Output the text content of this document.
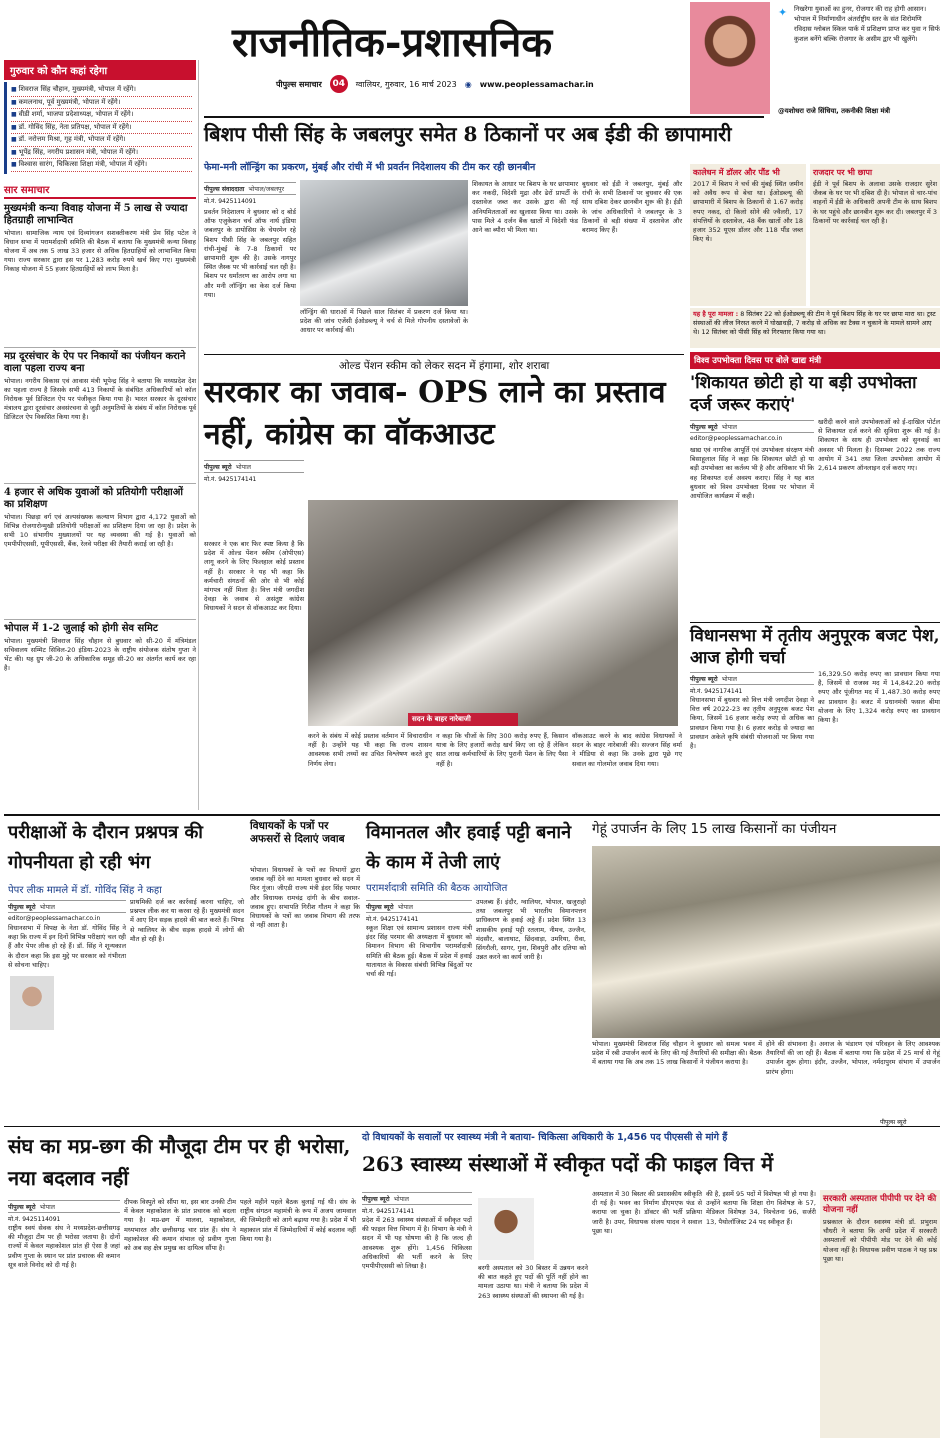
राजनीतिक-प्रशासनिक
पीपुल्स समाचार	04	ग्वालियर, गुरुवार, 16 मार्च 2023 ◉ www.peoplessamachar.in
✦ निखरेगा युवाओं का हुनर, रोजगार की राह होगी आसान। भोपाल में निर्माणाधीन अंतर्राष्ट्रीय स्तर के संत शिरोमणि रविदास ग्लोबल स्किल पार्क में प्रशिक्षण प्राप्त कर युवा न सिर्फ कुशल बनेंगे बल्कि रोजगार के असीम द्वार भी खुलेंगे।
@यशोधरा राजे सिंधिया, तकनीकी शिक्षा मंत्री
गुरुवार को कौन कहां रहेगा
■ शिवराज सिंह चौहान, मुख्यमंत्री, भोपाल में रहेंगे।
■ कमलनाथ, पूर्व मुख्यमंत्री, भोपाल में रहेंगे।
■ वीडी शर्मा, भाजपा प्रदेशाध्यक्ष, भोपाल में रहेंगे।
■ डॉ. गोविंद सिंह, नेता प्रतिपक्ष, भोपाल में रहेंगे।
■ डॉ. नरोत्तम मिश्रा, गृह मंत्री, भोपाल में रहेंगे।
■ भूपेंद्र सिंह, नगरीय प्रशासन मंत्री, भोपाल में रहेंगे।
■ विश्वास सारंग, चिकित्सा शिक्षा मंत्री, भोपाल में रहेंगे।
सार समाचार
मुख्यमंत्री कन्या विवाह योजना में 5 लाख से ज्यादा हितग्राही लाभान्वित
भोपाल। सामाजिक न्याय एवं दिव्यांगजन सशक्तीकरण मंत्री प्रेम सिंह पटेल ने विधान सभा में परामर्शदात्री समिति की बैठक में बताया कि मुख्यमंत्री कन्या विवाह योजना में अब तक 5 लाख 33 हजार से अधिक हितग्राहियों को लाभान्वित किया गया। राज्य सरकार द्वारा इस पर 1,283 करोड़ रुपये खर्च किए गए। मुख्यमंत्री निकाह योजना में 55 हजार हितग्राहियों को लाभ मिला है।
मप्र दूरसंचार के ऐप पर निकायों का पंजीयन कराने वाला पहला राज्य बना
भोपाल। नगरीय विकास एवं आवास मंत्री भूपेन्द्र सिंह ने बताया कि मध्यप्रदेश देश का पहला राज्य है जिसके सभी 413 निकायों के संबंधित अधिकारियों को कॉल निरोधक पूर्व डिजिटल ऐप पर पंजीकृत किया गया है। भारत सरकार के दूरसंचार मंत्रालय द्वारा दूरसंचार अवसंरचना से जुड़ी अनुमतियों के संबंध में कॉल निरोधक पूर्व डिजिटल ऐप विकसित किया गया है।
4 हजार से अधिक युवाओं को प्रतियोगी परीक्षाओं का प्रशिक्षण
भोपाल। पिछड़ा वर्ग एवं अल्पसंख्यक कल्याण विभाग द्वारा 4,172 युवाओं को विभिन्न रोजगारोन्मुखी प्रतियोगी परीक्षाओं का प्रशिक्षण दिया जा रहा है। प्रदेश के सभी 10 संभागीय मुख्यालयों पर यह व्यवस्था की गई है। युवाओं को एमपीपीएससी, यूपीएससी, बैंक, रेलवे परीक्षा की तैयारी कराई जा रही है।
भोपाल में 1-2 जुलाई को होगी सेव समिट
भोपाल। मुख्यमंत्री शिवराज सिंह चौहान से बुधवार को सी-20 में मंत्रिमंडल सचिवालय सम्मिट सिविल-20 इंडिया-2023 के राष्ट्रीय संयोजक संतोष गुप्ता ने भेंट की। यह ग्रुप जी-20 के अधिकारिक समूह सी-20 का अंतर्गत कार्य कर रहा है।
बिशप पीसी सिंह के जबलपुर समेत 8 ठिकानों पर अब ईडी की छापामारी
फेमा-मनी लॉन्ड्रिंग का प्रकरण, मुंबई और रांची में भी प्रवर्तन निदेशालय की टीम कर रही छानबीन
पीपुल्स संवाददाता भोपाल/जबलपुर
मो.नं. 9425114091
प्रवर्तन निदेशालय ने बुधवार को द बोर्ड ऑफ एजुकेशन चर्च ऑफ नार्थ इंडिया जबलपुर के डायोसिस के चेयरमेन रहे बिशप पीसी सिंह के जबलपुर सहित रांची-मुंबई के 7-8 ठिकानों पर छापामारी शुरू की है। उसके नागपुर स्थित जैस्क पर भी कार्रवाई चल रही है। बिशप पर धर्मांतरण का आरोप लगा था और मनी लॉन्ड्रिंग का केस दर्ज किया गया।
लॉन्ड्रिंग की धाराओं में पिछले साल सितंबर में प्रकरण दर्ज किया था। प्रदेश की जांच एजेंसी ईओडब्ल्यू ने चर्च से मिले गोपनीय दस्तावेजों के आधार पर कार्रवाई की।
शिकायत के आधार पर बिशप के घर छापामार कर नकदी, विदेशी मुद्रा और ढेरों प्रापर्टी के दस्तावेज जब्त कर उसके द्वारा की गई अनियमितताओं का खुलासा किया था। उसके पास मिले 4 दर्जन बैंक खातों में विदेशी फंड आने का ब्यौरा भी मिला था।
बुधवार को ईडी ने जबलपुर, मुंबई और रांची के सभी ठिकानों पर बुधवार की एक साथ दबिश देकर छानबीन शुरू की है। ईडी के जांच अधिकारियों ने जबलपुर के 3 ठिकानों से बड़ी संख्या में दस्तावेज और बरामद किए हैं।
कालेधन में डॉलर और पौंड भी
2017 में बिशप ने चर्च की मुंबई स्थित जमीन को अवैध रूप से बेचा था। ईओडब्ल्यू की छापामारी में बिशप के ठिकानों से 1.67 करोड़ रुपए नकद, दो किलो सोने की ज्वैलरी, 17 संपत्तियों के दस्तावेज, 48 बैंक खातों और 18 हजार 352 यूएस डॉलर और 118 पौंड जब्त किए थे।
राजदार पर भी छापा
ईडी ने पूर्व बिशप के अलावा उसके राजदार सुरेश जैकब के घर पर भी दबिश दी है। भोपाल से चार-पांच वाहनों में ईडी के अधिकारी अपनी टीम के साथ बिशप के घर पहुंचे और छानबीन शुरू कर दी। जबलपुर में 3 ठिकानों पर कार्रवाई चल रही है।
यह है पूरा मामला : 8 सितंबर 22 को ईओडब्ल्यू की टीम ने पूर्व बिशप सिंह के घर पर छापा मारा था। ट्रस्ट संस्थाओं की लीज निरस्त करने में घोखाधड़ी, 7 करोड़ से अधिक का टैक्स न चुकाने के मामले सामने आए थे। 12 सितंबर को पीसी सिंह को गिरफ्तार किया गया था।
ओल्ड पेंशन स्कीम को लेकर सदन में हंगामा, शोर शराबा
सरकार का जवाब- OPS लाने का प्रस्ताव नहीं, कांग्रेस का वॉकआउट
पीपुल्स ब्यूरो भोपाल
मो.नं. 9425174141
सरकार ने एक बार फिर स्पष्ट किया है कि प्रदेश में ओल्ड पेंशन स्कीम (ओपीएस) लागू करने के लिए फिलहाल कोई प्रस्ताव नहीं है। सरकार ने यह भी कहा कि कर्मचारी संगठनों की ओर से भी कोई मांगपत्र नहीं मिला है। वित्त मंत्री जगदीश देवड़ा के जवाब से असंतुष्ट कांग्रेस विधायकों ने सदन से वॉकआउट कर दिया।
सदन के बाहर नारेबाजी
वॉकआउट करने के बाद कांग्रेस विधायकों ने सदन के बाहर नारेबाजी की। सज्जन सिंह वर्मा ने मीडिया से कहा कि उनके द्वारा पूछे गए सवाल का गोलमोल जवाब दिया गया।
करने के संबंध में कोई प्रस्ताव वर्तमान में विचाराधीन नहीं है। उन्होंने यह भी कहा कि राज्य शासन आवश्यक सभी तथ्यों का उचित विश्लेषण करते हुए निर्णय लेगा।
न कहा कि चीजों के लिए 300 करोड़ रुपए हैं, किसान यात्रा के लिए हजारों करोड़ खर्च किए जा रहे हैं लेकिन सात लाख कर्मचारियों के लिए पुरानी पेंशन के लिए पैसा नहीं है।
विश्व उपभोक्ता दिवस पर बोले खाद्य मंत्री
'शिकायत छोटी हो या बड़ी उपभोक्ता दर्ज जरूर कराएं'
पीपुल्स ब्यूरो भोपाल
editor@peoplessamachar.co.in
खाद्य एवं नागरिक आपूर्ति एवं उपभोक्ता संरक्षण मंत्री बिसाहूलाल सिंह ने कहा कि शिकायत छोटी हो या बड़ी उपभोक्ता का कर्तव्य भी है और अधिकार भी कि वह शिकायत दर्ज अवश्य कराए। सिंह ने यह बात बुधवार को विश्व उपभोक्ता दिवस पर भोपाल में आयोजित कार्यक्रम में कही।
खरीदी करने वाले उपभोक्ताओं को ई-दाखिल पोर्टल से शिकायत दर्ज करने की सुविधा शुरू की गई है। शिकायत के साथ ही उपभोक्ता को सुनवाई का अवसर भी मिलता है। दिसम्बर 2022 तक राज्य आयोग में 341 तथा जिला उपभोक्ता आयोग में 2,614 प्रकरण ऑनलाइन दर्ज कराए गए।
विधानसभा में तृतीय अनुपूरक बजट पेश, आज होगी चर्चा
पीपुल्स ब्यूरो भोपाल
मो.नं. 9425174141
विधानसभा में बुधवार को वित्त मंत्री जगदीश देवड़ा ने वित्त वर्ष 2022-23 का तृतीय अनुपूरक बजट पेश किया, जिसमें 16 हजार करोड़ रुपए से अधिक का प्रावधान किया गया है। 6 हजार करोड़ से ज्यादा का प्रावधान अकेले कृषि संबंधी योजनाओं पर किया गया है।
16,329.50 करोड़ रुपए का प्रावधान किया गया है, जिसमें से राजस्व मद में 14,842.20 करोड़ रुपए और पूंजीगत मद में 1,487.30 करोड़ रुपए का प्रावधान है। बजट में प्रधानमंत्री फसल बीमा योजना के लिए 1,324 करोड़ रुपए का प्रावधान किया है।
परीक्षाओं के दौरान प्रश्नपत्र की गोपनीयता हो रही भंग
पेपर लीक मामले में डॉ. गोविंद सिंह ने कहा
पीपुल्स ब्यूरो भोपाल
editor@peoplessamachar.co.in
विधानसभा में विपक्ष के नेता डॉ. गोविंद सिंह ने कहा कि राज्य में इन दिनों विभिन्न परीक्षाएं चल रही हैं और पेपर लीक हो रहे हैं। डॉ. सिंह ने शून्यकाल के दौरान कहा कि इस मुद्दे पर सरकार को गंभीरता से सोचना चाहिए।
प्राथमिकी दर्ज कर कार्रवाई करना चाहिए, जो प्रश्नपत्र लीक कर या करवा रहे हैं। मुख्यमंत्री सदन में आए दिन सड़क हादसे की बात करते हैं। भिण्ड से ग्वालियर के बीच सड़क हादसे में लोगों की मौत हो रही है।
विधायकों के पत्रों पर अफसरों से दिलाएं जवाब
भोपाल। विधायकों के पत्रों का विभागों द्वारा जवाब नहीं देने का मामला बुधवार को सदन में फिर गूंजा। जीएडी राज्य मंत्री इंदर सिंह परमार और विधायक रामचंद्र दांगी के बीच सवाल-जवाब हुए। सभापति गिरीश गौतम ने कहा कि विधायकों के पत्रों का जवाब विभाग की तरफ से नहीं आता है।
विमानतल और हवाई पट्टी बनाने के काम में तेजी लाएं
परामर्शदात्री समिति की बैठक आयोजित
पीपुल्स ब्यूरो भोपाल
मो.नं. 9425174141
स्कूल शिक्षा एवं सामान्य प्रशासन राज्य मंत्री इंदर सिंह परमार की अध्यक्षता में बुधवार को विमानन विभाग की विभागीय परामर्शदात्री समिति की बैठक हुई। बैठक में प्रदेश में हवाई यातायात के विकास संबंधी विभिन्न बिंदुओं पर चर्चा की गई।
उपलब्ध हैं। इंदौर, ग्वालियर, भोपाल, खजुराहो तथा जबलपुर भी भारतीय विमानपत्तन प्राधिकरण के हवाई अड्डे हैं। प्रदेश स्थित 13 शासकीय हवाई पट्टी रतलाम, नीमच, उज्जैन, मंदसौर, बालाघाट, छिंदवाड़ा, उमरिया, रीवा, सिंगरौली, सागर, गुना, शिवपुरी और दतिया को उन्नत करने का कार्य जारी है।
गेहूं उपार्जन के लिए 15 लाख किसानों का पंजीयन
भोपाल। मुख्यमंत्री शिवराज सिंह चौहान ने बुधवार को समत्व भवन में प्रदेश में रबी उपार्जन कार्य के लिए की गई तैयारियों की समीक्षा की। बैठक में बताया गया कि अब तक 15 लाख किसानों ने पंजीयन कराया है।
होने की संभावना है। अनाज के भंडारण एवं परिवहन के लिए आवश्यक तैयारियाँ की जा रही हैं। बैठक में बताया गया कि प्रदेश में 25 मार्च से गेहूं उपार्जन शुरू होगा। इंदौर, उज्जैन, भोपाल, नर्मदापुरम संभाग में उपार्जन प्रारंभ होगा।
पीपुल्स ब्यूरो
संघ का मप्र-छग की मौजूदा टीम पर ही भरोसा, नया बदलाव नहीं
पीपुल्स ब्यूरो भोपाल
मो.नं. 9425114091
राष्ट्रीय स्वयं सेवक संघ ने मध्यप्रदेश-छत्तीसगढ़ की मौजूदा टीम पर ही भरोसा जताया है। दोनों राज्यों में केवल महाकोशल प्रांत ही ऐसा है जहां प्रवीण गुप्ता के स्थान पर प्रांत प्रचारक की कमान सूत्र वाले विनोद को दी गई है।
दीपक विस्पुते को सौंपा था, इस बार उनकी टीम में केवल महाकोशल के प्रांत प्रचारक को बदला गया है। मप्र-छग में मालवा, महाकोशल, मध्यभारत और छत्तीसगढ़ चार प्रांत हैं। संघ ने महाकोशल की कमान संभाल रहे प्रवीण गुप्ता को अब सह क्षेत्र प्रमुख का दायित्व सौंपा है।
पहले महीने पहले बैठक बुलाई गई थी। संघ के राष्ट्रीय संगठन महामंत्री के रूप में अजय जामवाल की जिम्मेदारी को आगे बढ़ाया गया है। प्रदेश में भी महाकाल प्रांत में जिम्मेदारियों में कोई बदलाव नहीं किया गया है।
दो विधायकों के सवालों पर स्वास्थ्य मंत्री ने बताया- चिकित्सा अधिकारी के 1,456 पद पीएससी से मांगे हैं
263 स्वास्थ्य संस्थाओं में स्वीकृत पदों की फाइल वित्त में
पीपुल्स ब्यूरो भोपाल
मो.नं. 9425174141
प्रदेश में 263 स्वास्थ्य संस्थाओं में स्वीकृत पदों की फाइल वित्त विभाग में है। विभाग के मंत्री ने सदन में भी यह घोषणा की है कि जल्द ही आवश्यक शुरू होंगे। 1,456 चिकित्सा अधिकारियों की भर्ती करने के लिए एमपीपीएससी को लिखा है।	बरगी अस्पताल को 30 बिस्तर में उन्नयन करने की बात कहते हुए पदों की पूर्ति नहीं होने का मामला उठाया था। मंत्री ने बताया कि प्रदेश में 263 स्वास्थ्य संस्थाओं की स्थापना की गई है।
अस्पताल में 30 बिस्तर की प्रशासकीय स्वीकृति दी गई है। भवन का निर्माण डीएमएफ फंड से कराया जा चुका है। डॉक्टर की भर्ती प्रक्रिया जारी है। उपर, विधायक संजय यादव ने सवाल पूछा था।
की है, इसमें 95 पदों में विशेषज्ञ भी हो गया है। उन्होंने बताया कि शिक्षा रोग विशेषज्ञ के 57, मेडिकल विशेषज्ञ 34, निश्चेतना 96, सर्जरी 13, पैथोलॉजिस्ट 24 पद स्वीकृत हैं।
सरकारी अस्पताल पीपीपी पर देने की योजना नहीं
प्रश्नकाल के दौरान स्वास्थ्य मंत्री डॉ. प्रभुराम चौधरी ने बताया कि अभी प्रदेश में सरकारी अस्पतालों को पीपीपी मोड पर देने की कोई योजना नहीं है। विधायक प्रवीण पाठक ने यह प्रश्न पूछा था।
